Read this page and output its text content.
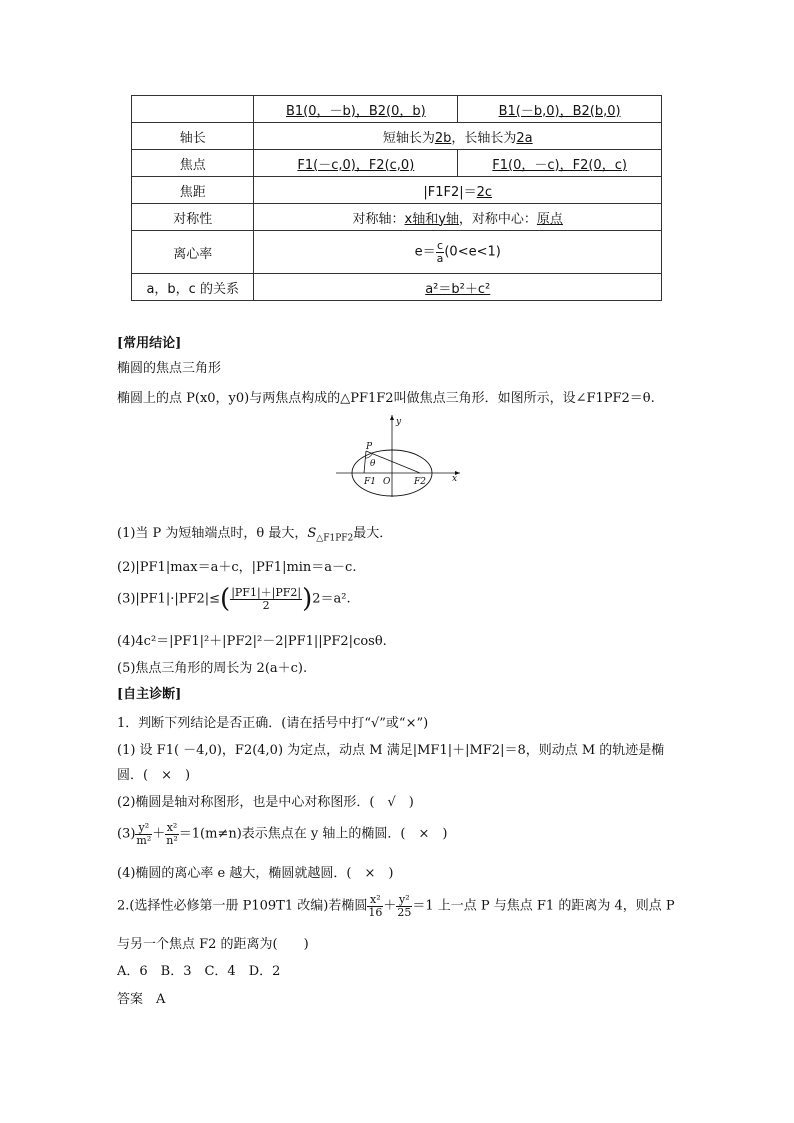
	B1(0，－b)，B2(0，b)	B1(－b,0)，B2(b,0)
轴长	短轴长为2b，长轴长为2a	
焦点	F1(－c,0)，F2(c,0)	F1(0，－c)，F2(0，c)
焦距	|F1F2|＝2c	
对称性	对称轴：x轴和y轴，对称中心：原点	
离心率	$e= \frac{c}{a} (0<e<1)$	
a，b，c 的关系	a²＝b²＋c²	
[常用结论]
椭圆的焦点三角形
椭圆上的点 P(x0，y0)与两焦点构成的△PF1F2叫做焦点三角形．如图所示，设∠F1PF2＝θ.
y
x
P
θ
F1 O	F2
(1)当 P 为短轴端点时，θ 最大，$S_{\triangle F1PF2}$最大．
(2)|PF1|max＝a＋c，|PF1|min＝a－c.
$(3)|PF1|\cdot|PF2|\le( \frac{|PF1|+|PF2|}{2} )2=a^2$.
(4)4c²＝|PF1|²＋|PF2|²－2|PF1||PF2|cosθ.
(5)焦点三角形的周长为 2(a＋c).
[自主诊断]
1．判断下列结论是否正确．(请在括号中打“√”或“×”)
(1) 设 F1( －4,0)，F2(4,0) 为定点，动点 M 满足|MF1|＋|MF2|＝8，则动点 M 的轨迹是椭
圆．(　×　)
(2)椭圆是轴对称图形，也是中心对称图形．(　√　)
$(3) \frac{\text{y²}}{\text{m²}} + \frac{\text{x²}}{\text{n²}} =1(m\ne n)$表示焦点在 y 轴上的椭圆．(　×　)
(4)椭圆的离心率 e 越大，椭圆就越圆．(　×　)
2.(选择性必修第一册 P109T1 改编)若椭圆 $\frac{\text{x²}}{16} + \frac{\text{y²}}{25} =1$ 上一点 P 与焦点 F1 的距离为 4，则点 P
与另一个焦点 F2 的距离为(　　)
A．6　B．3　C．4　D．2
答案　A
